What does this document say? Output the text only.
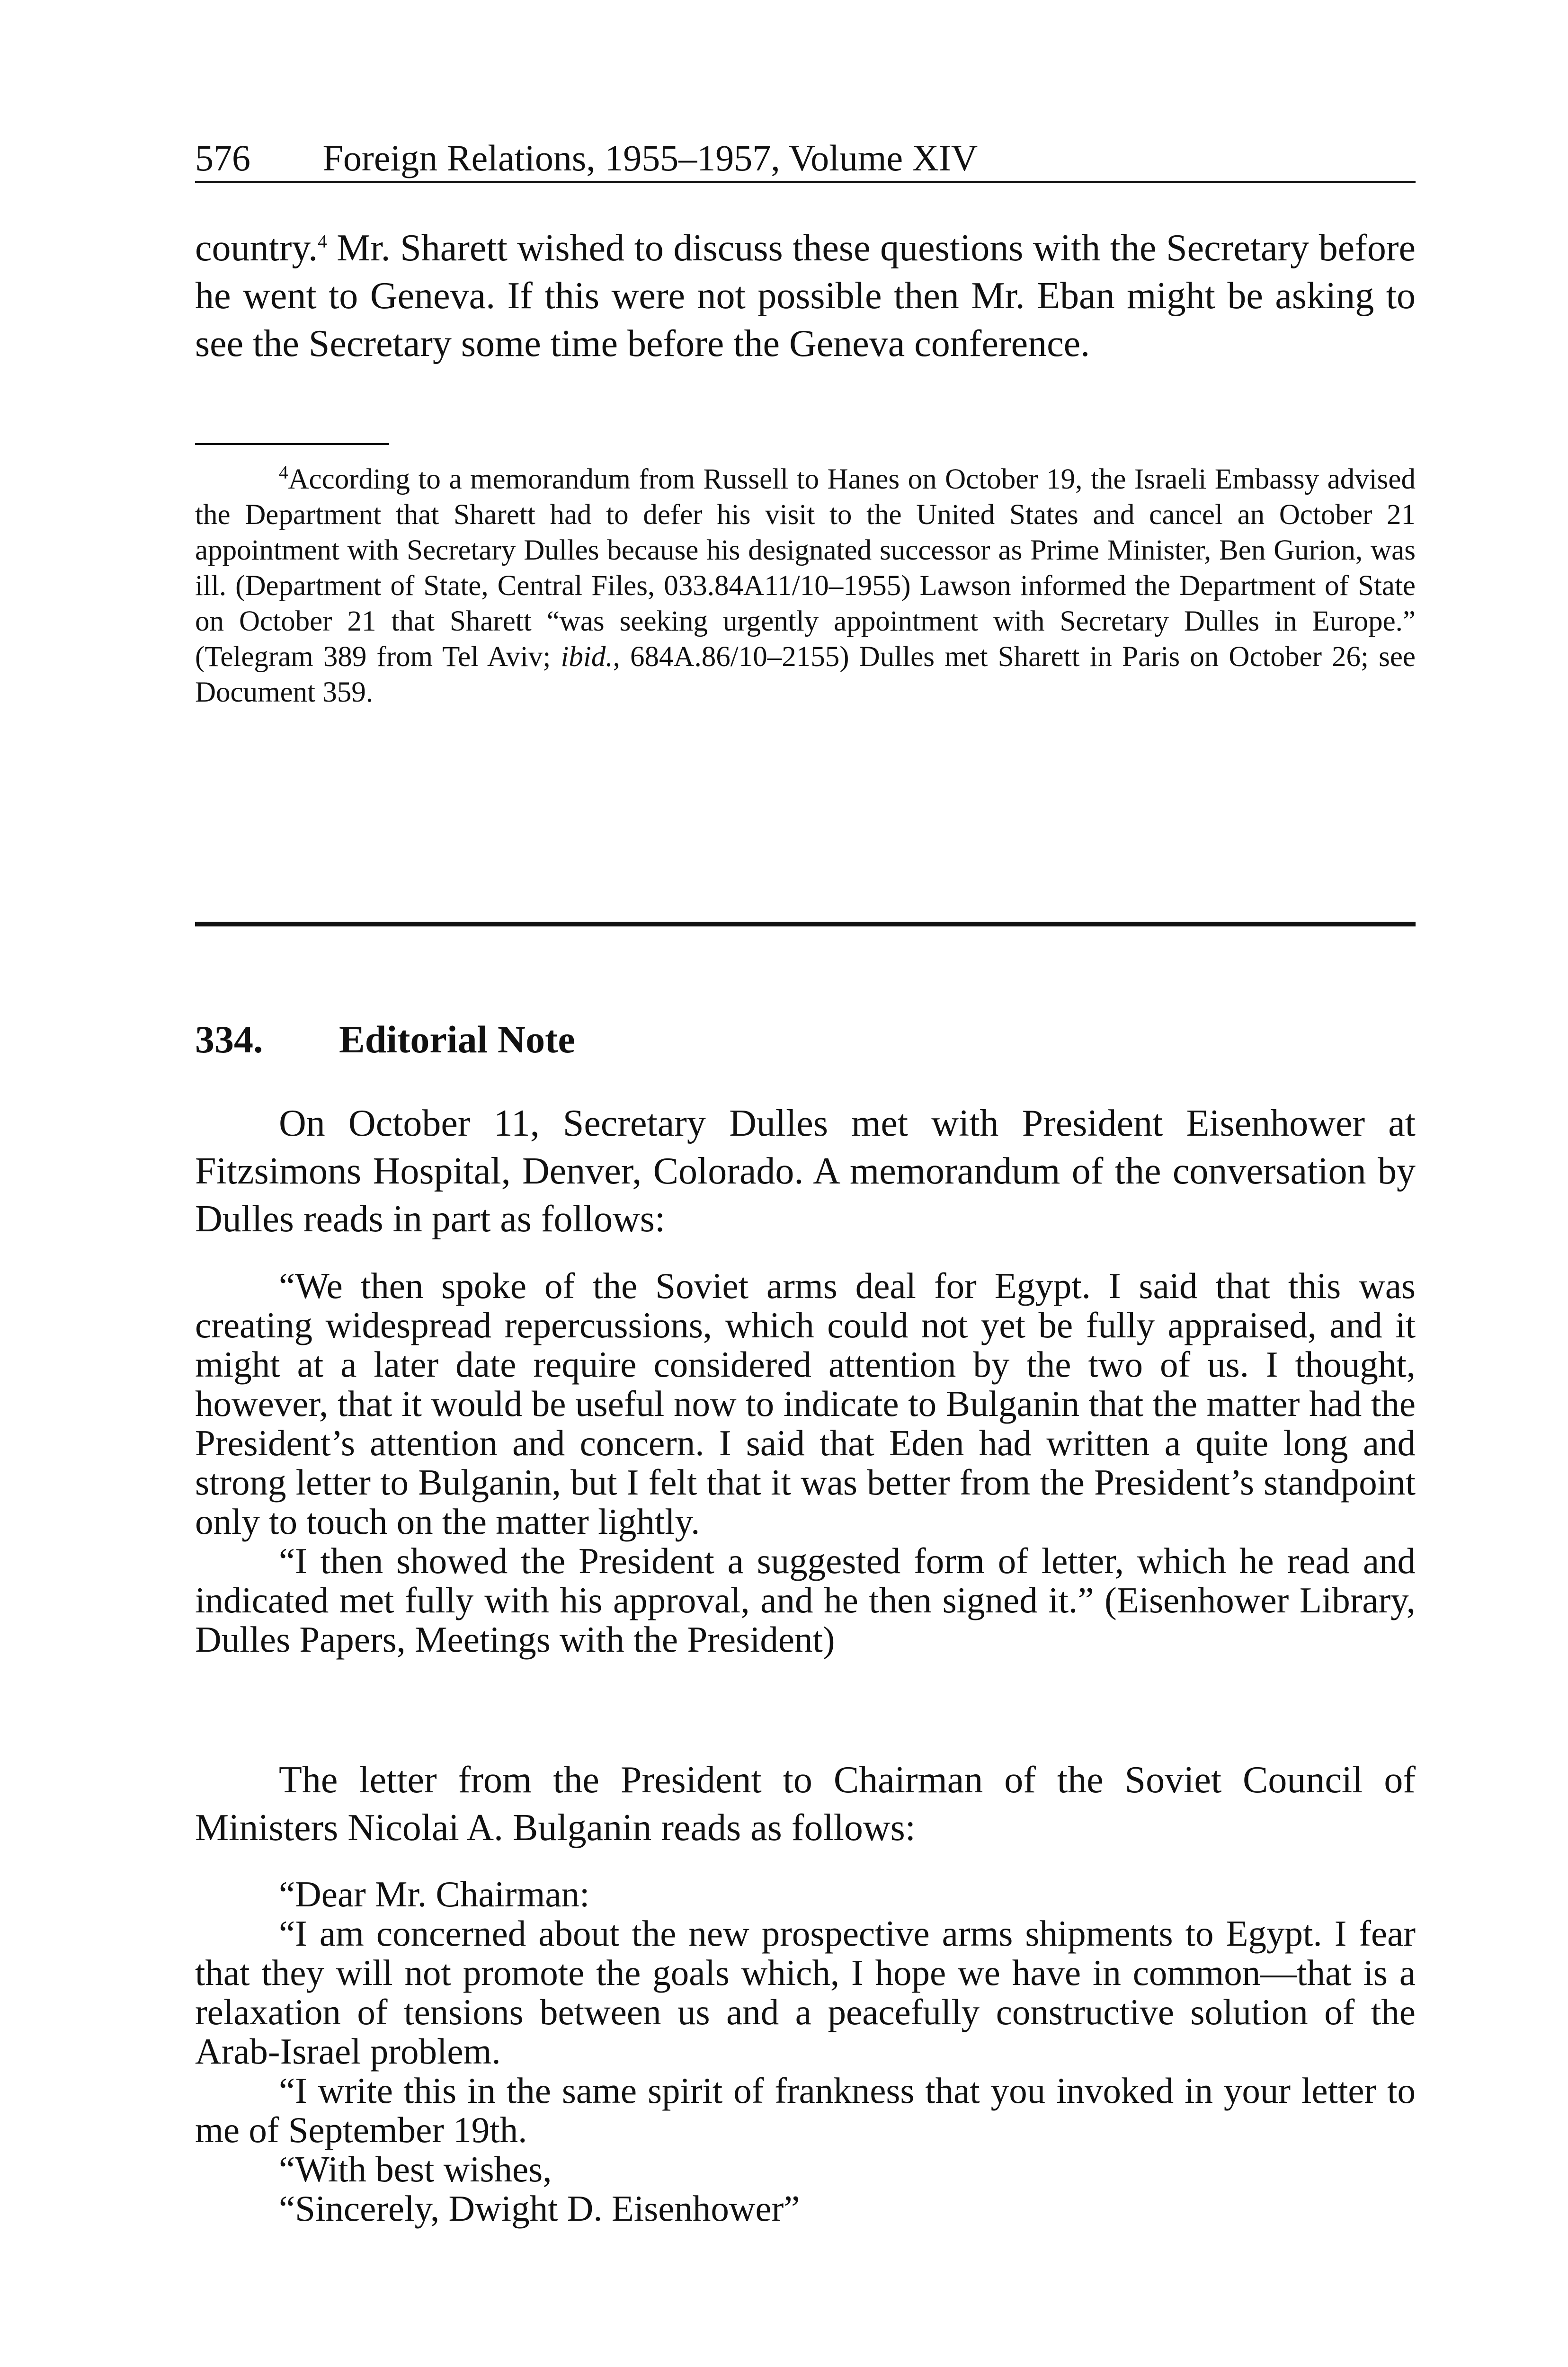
576 Foreign Relations, 1955–1957, Volume XIV

country.$^4$ Mr. Sharett wished to discuss these questions with the Secretary before he went to Geneva. If this were not possible then Mr. Eban might be asking to see the Secretary some time before the Geneva conference.

$^4$According to a memorandum from Russell to Hanes on October 19, the Israeli Embassy advised the Department that Sharett had to defer his visit to the United States and cancel an October 21 appointment with Secretary Dulles because his designated successor as Prime Minister, Ben Gurion, was ill. (Department of State, Central Files, 033.84A11/10–1955) Lawson informed the Department of State on October 21 that Sharett “was seeking urgently appointment with Secretary Dulles in Europe.” (Telegram 389 from Tel Aviv; ibid., 684A.86/10–2155) Dulles met Sharett in Paris on October 26; see Document 359.

334. Editorial Note

On October 11, Secretary Dulles met with President Eisenhower at Fitzsimons Hospital, Denver, Colorado. A memorandum of the conversation by Dulles reads in part as follows:

“We then spoke of the Soviet arms deal for Egypt. I said that this was creating widespread repercussions, which could not yet be fully appraised, and it might at a later date require considered attention by the two of us. I thought, however, that it would be useful now to indicate to Bulganin that the matter had the President’s attention and concern. I said that Eden had written a quite long and strong letter to Bulganin, but I felt that it was better from the President’s standpoint only to touch on the matter lightly.

“I then showed the President a suggested form of letter, which he read and indicated met fully with his approval, and he then signed it.” (Eisenhower Library, Dulles Papers, Meetings with the President)

The letter from the President to Chairman of the Soviet Council of Ministers Nicolai A. Bulganin reads as follows:

“Dear Mr. Chairman:

“I am concerned about the new prospective arms shipments to Egypt. I fear that they will not promote the goals which, I hope we have in common—that is a relaxation of tensions between us and a peacefully constructive solution of the Arab-Israel problem.

“I write this in the same spirit of frankness that you invoked in your letter to me of September 19th.

“With best wishes,

“Sincerely, Dwight D. Eisenhower”
